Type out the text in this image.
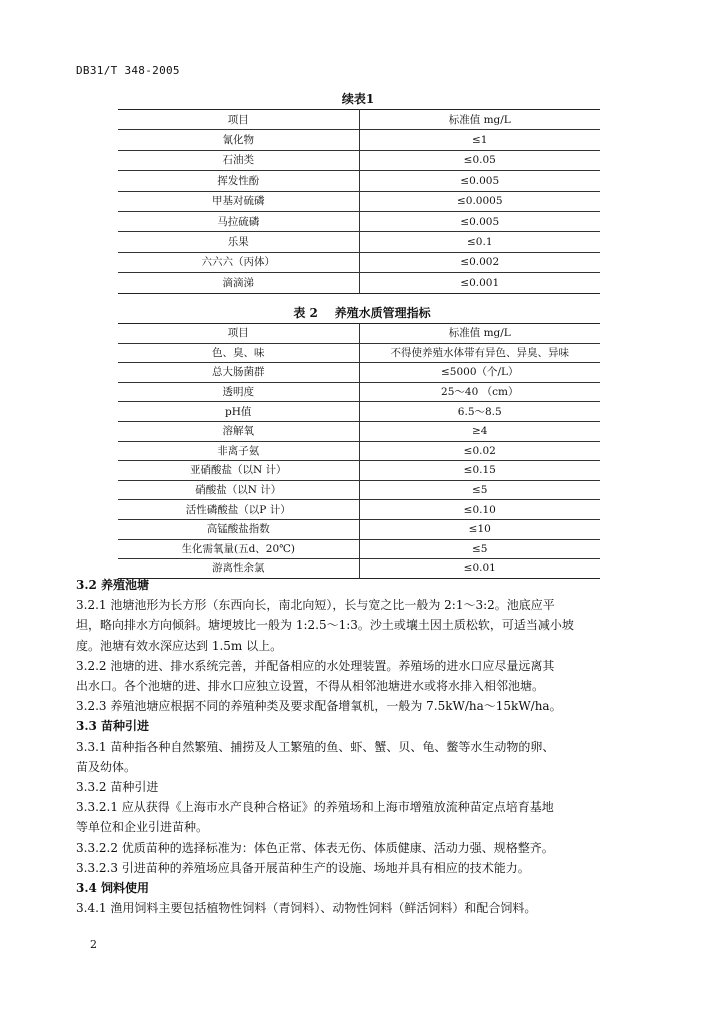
DB31/T 348-2005
续表1
项目	标准值 mg/L
氰化物	≤1
石油类	≤0.05
挥发性酚	≤0.005
甲基对硫磷	≤0.0005
马拉硫磷	≤0.005
乐果	≤0.1
六六六（丙体）	≤0.002
滴滴涕	≤0.001
表 2    养殖水质管理指标
项目	标准值 mg/L
色、臭、味	不得使养殖水体带有异色、异臭、异味
总大肠菌群	≤5000（个/L）
透明度	25～40 （cm）
pH值	6.5～8.5
溶解氧	≥4
非离子氨	≤0.02
亚硝酸盐（以N 计）	≤0.15
硝酸盐（以N 计）	≤5
活性磷酸盐（以P 计）	≤0.10
高锰酸盐指数	≤10
生化需氧量(五d、20℃)	≤5
游离性余氯	≤0.01

3.2 养殖池塘

3.2.1 池塘池形为长方形（东西向长，南北向短），长与宽之比一般为 2:1～3:2。池底应平

坦，略向排水方向倾斜。塘埂坡比一般为 1:2.5～1:3。沙土或壤土因土质松软，可适当减小坡

度。池塘有效水深应达到 1.5m 以上。

3.2.2 池塘的进、排水系统完善，并配备相应的水处理装置。养殖场的进水口应尽量远离其

出水口。各个池塘的进、排水口应独立设置，不得从相邻池塘进水或将水排入相邻池塘。

3.2.3 养殖池塘应根据不同的养殖种类及要求配备增氧机，一般为 7.5kW/ha～15kW/ha。

3.3 苗种引进

3.3.1 苗种指各种自然繁殖、捕捞及人工繁殖的鱼、虾、蟹、贝、龟、鳖等水生动物的卵、

苗及幼体。

3.3.2 苗种引进

3.3.2.1 应从获得《上海市水产良种合格证》的养殖场和上海市增殖放流种苗定点培育基地

等单位和企业引进苗种。

3.3.2.2 优质苗种的选择标准为：体色正常、体表无伤、体质健康、活动力强、规格整齐。

3.3.2.3 引进苗种的养殖场应具备开展苗种生产的设施、场地并具有相应的技术能力。

3.4 饲料使用

3.4.1 渔用饲料主要包括植物性饲料（青饲料）、动物性饲料（鲜活饲料）和配合饲料。

2
